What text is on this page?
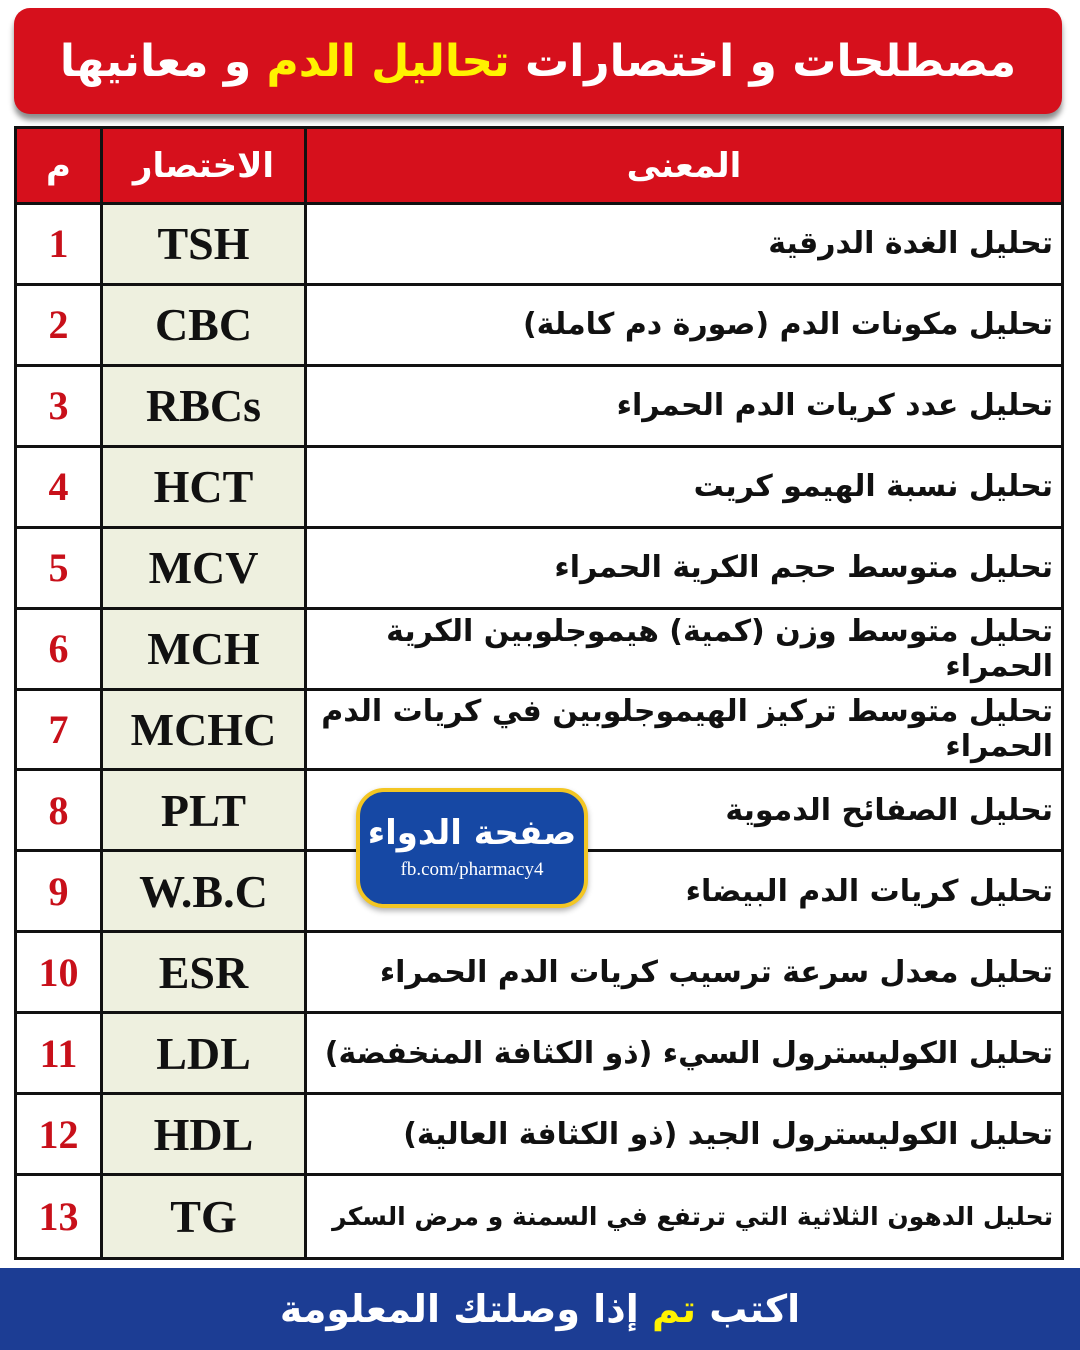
مصطلحات و اختصارات تحاليل الدم و معانيها
م	الاختصار	المعنى
1	TSH	تحليل الغدة الدرقية
2	CBC	تحليل مكونات الدم (صورة دم كاملة)
3	RBCs	تحليل عدد كريات الدم الحمراء
4	HCT	تحليل نسبة الهيمو كريت
5	MCV	تحليل متوسط حجم الكرية الحمراء
6	MCH	تحليل متوسط وزن (كمية) هيموجلوبين الكرية الحمراء
7	MCHC	تحليل متوسط تركيز الهيموجلوبين في كريات الدم الحمراء
8	PLT	تحليل الصفائح الدموية
9	W.B.C	تحليل كريات الدم البيضاء
10	ESR	تحليل معدل سرعة ترسيب كريات الدم الحمراء
11	LDL	تحليل الكوليسترول السيء (ذو الكثافة المنخفضة)
12	HDL	تحليل الكوليسترول الجيد (ذو الكثافة العالية)
13	TG	تحليل الدهون الثلاثية التي ترتفع في السمنة و مرض السكر
صفحة الدواء
fb.com/pharmacy4
اكتب تم إذا وصلتك المعلومة
